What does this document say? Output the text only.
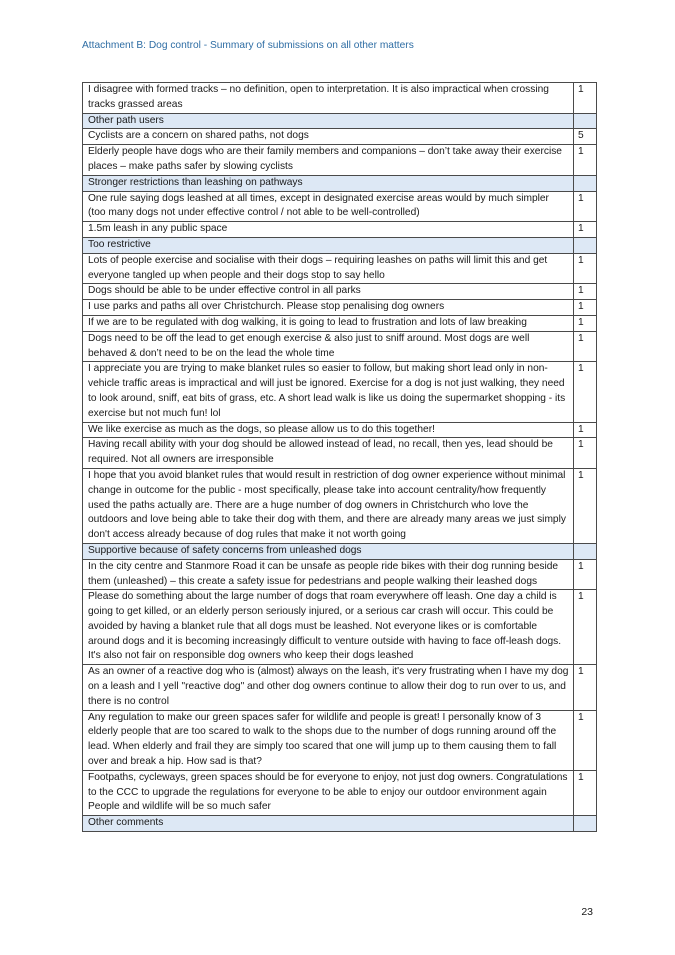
Attachment B: Dog control - Summary of submissions on all other matters
I disagree with formed tracks – no definition, open to interpretation. It is also impractical when crossing tracks grassed areas	1
Other path users	
Cyclists are a concern on shared paths, not dogs	5
Elderly people have dogs who are their family members and companions – don’t take away their exercise places – make paths safer by slowing cyclists	1
Stronger restrictions than leashing on pathways	
One rule saying dogs leashed at all times, except in designated exercise areas would by much simpler (too many dogs not under effective control / not able to be well-controlled)	1
1.5m leash in any public space	1
Too restrictive	
Lots of people exercise and socialise with their dogs – requiring leashes on paths will limit this and get everyone tangled up when people and their dogs stop to say hello	1
Dogs should be able to be under effective control in all parks	1
I use parks and paths all over Christchurch. Please stop penalising dog owners	1
If we are to be regulated with dog walking, it is going to lead to frustration and lots of law breaking	1
Dogs need to be off the lead to get enough exercise & also just to sniff around. Most dogs are well behaved & don’t need to be on the lead the whole time	1
I appreciate you are trying to make blanket rules so easier to follow, but making short lead only in non-vehicle traffic areas is impractical and will just be ignored. Exercise for a dog is not just walking, they need to look around, sniff, eat bits of grass, etc. A short lead walk is like us doing the supermarket shopping - its exercise but not much fun! lol	1
We like exercise as much as the dogs, so please allow us to do this together!	1
Having recall ability with your dog should be allowed instead of lead, no recall, then yes, lead should be required. Not all owners are irresponsible	1
I hope that you avoid blanket rules that would result in restriction of dog owner experience without minimal change in outcome for the public - most specifically, please take into account centrality/how frequently used the paths actually are. There are a huge number of dog owners in Christchurch who love the outdoors and love being able to take their dog with them, and there are already many areas we just simply don't access already because of dog rules that make it not worth going	1
Supportive because of safety concerns from unleashed dogs	
In the city centre and Stanmore Road it can be unsafe as people ride bikes with their dog running beside them (unleashed) – this create a safety issue for pedestrians and people walking their leashed dogs	1
Please do something about the large number of dogs that roam everywhere off leash. One day a child is going to get killed, or an elderly person seriously injured, or a serious car crash will occur. This could be avoided by having a blanket rule that all dogs must be leashed. Not everyone likes or is comfortable around dogs and it is becoming increasingly difficult to venture outside with having to face off-leash dogs. It's also not fair on responsible dog owners who keep their dogs leashed	1
As an owner of a reactive dog who is (almost) always on the leash, it's very frustrating when I have my dog on a leash and I yell "reactive dog" and other dog owners continue to allow their dog to run over to us, and there is no control	1
Any regulation to make our green spaces safer for wildlife and people is great! I personally know of 3 elderly people that are too scared to walk to the shops due to the number of dogs running around off the lead. When elderly and frail they are simply too scared that one will jump up to them causing them to fall over and break a hip. How sad is that?	1
Footpaths, cycleways, green spaces should be for everyone to enjoy, not just dog owners. Congratulations to the CCC to upgrade the regulations for everyone to be able to enjoy our outdoor environment again People and wildlife will be so much safer	1
Other comments	
23
